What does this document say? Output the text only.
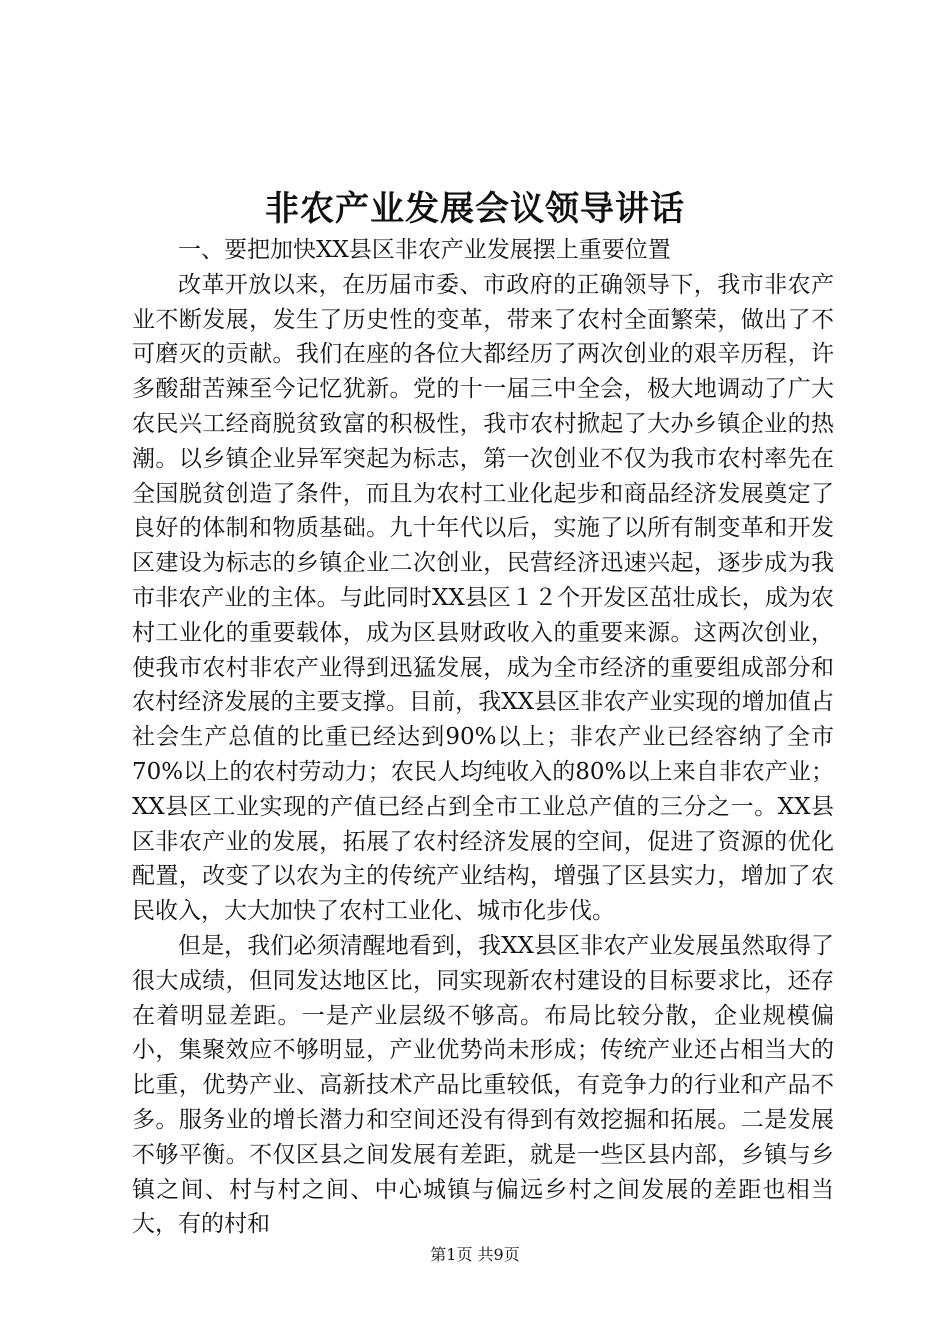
非农产业发展会议领导讲话

一、要把加快XX县区非农产业发展摆上重要位置

改革开放以来，在历届市委、市政府的正确领导下，我市非农产业不断发展，发生了历史性的变革，带来了农村全面繁荣，做出了不可磨灭的贡献。我们在座的各位大都经历了两次创业的艰辛历程，许多酸甜苦辣至今记忆犹新。党的十一届三中全会，极大地调动了广大农民兴工经商脱贫致富的积极性，我市农村掀起了大办乡镇企业的热潮。以乡镇企业异军突起为标志，第一次创业不仅为我市农村率先在全国脱贫创造了条件，而且为农村工业化起步和商品经济发展奠定了良好的体制和物质基础。九十年代以后，实施了以所有制变革和开发区建设为标志的乡镇企业二次创业，民营经济迅速兴起，逐步成为我市非农产业的主体。与此同时XX县区１２个开发区茁壮成长，成为农村工业化的重要载体，成为区县财政收入的重要来源。这两次创业，使我市农村非农产业得到迅猛发展，成为全市经济的重要组成部分和农村经济发展的主要支撑。目前，我XX县区非农产业实现的增加值占社会生产总值的比重已经达到90%以上；非农产业已经容纳了全市70%以上的农村劳动力；农民人均纯收入的80%以上来自非农产业；XX县区工业实现的产值已经占到全市工业总产值的三分之一。XX县区非农产业的发展，拓展了农村经济发展的空间，促进了资源的优化配置，改变了以农为主的传统产业结构，增强了区县实力，增加了农民收入，大大加快了农村工业化、城市化步伐。

但是，我们必须清醒地看到，我XX县区非农产业发展虽然取得了很大成绩，但同发达地区比，同实现新农村建设的目标要求比，还存在着明显差距。一是产业层级不够高。布局比较分散，企业规模偏小，集聚效应不够明显，产业优势尚未形成；传统产业还占相当大的比重，优势产业、高新技术产品比重较低，有竞争力的行业和产品不多。服务业的增长潜力和空间还没有得到有效挖掘和拓展。二是发展不够平衡。不仅区县之间发展有差距，就是一些区县内部，乡镇与乡镇之间、村与村之间、中心城镇与偏远乡村之间发展的差距也相当大，有的村和

第1页 共9页
